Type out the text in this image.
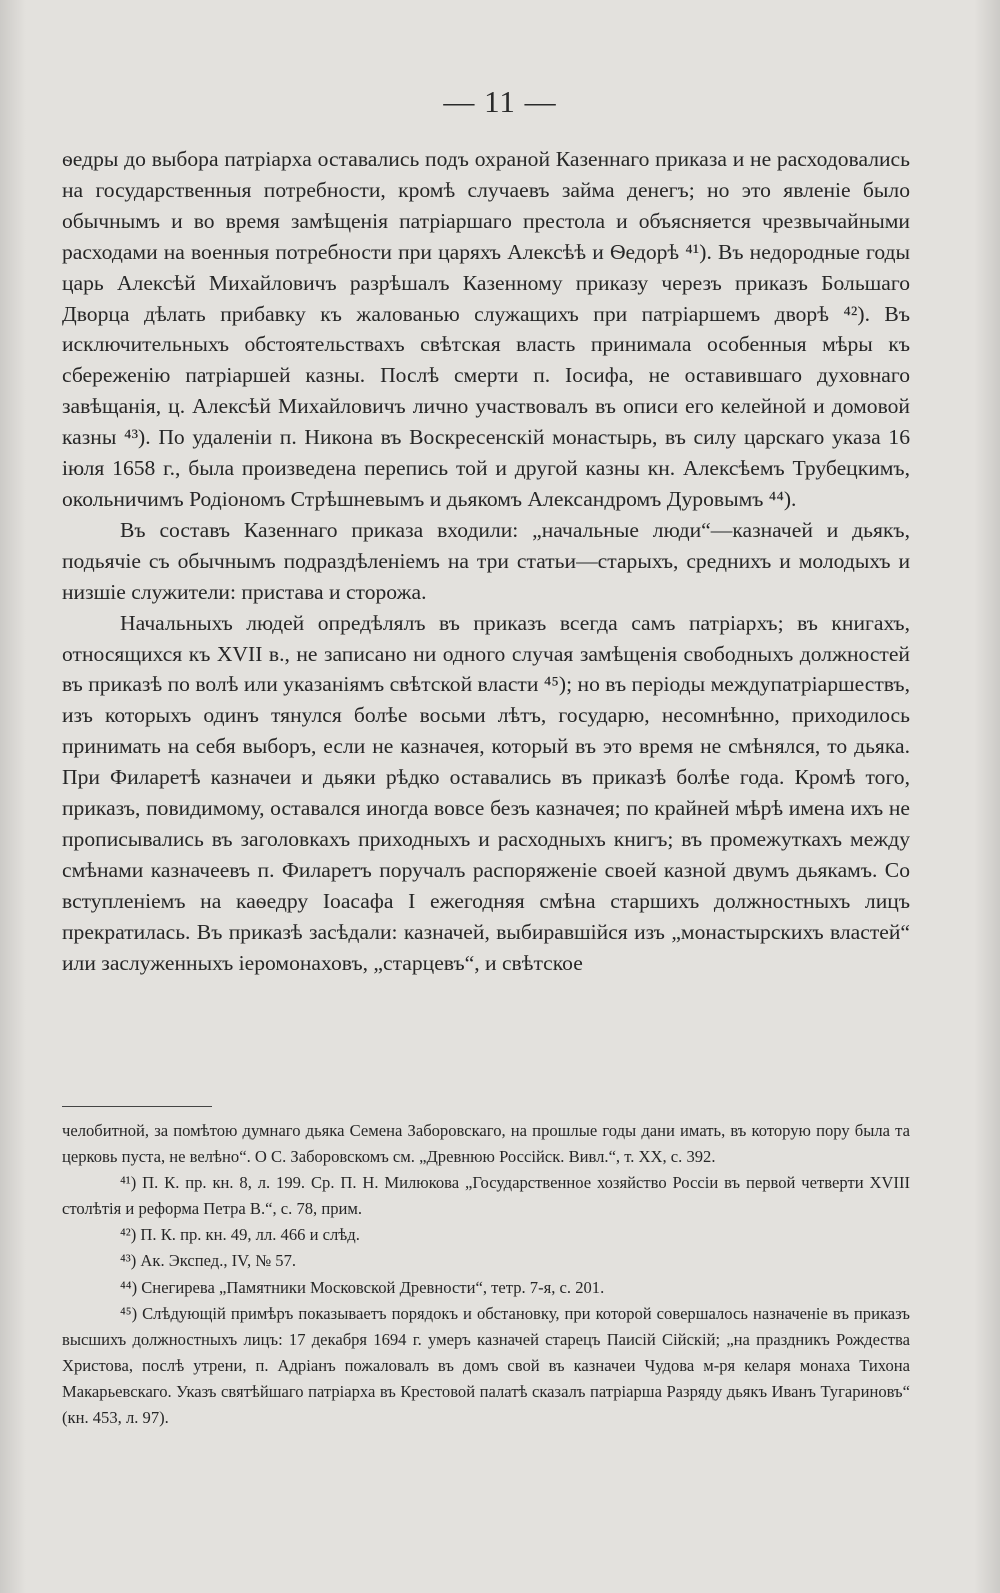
— 11 —

ѳедры до выбора патріарха оставались подъ охраной Казеннаго приказа и не расходовались на государственныя потребности, кромѣ случаевъ займа денегъ; но это явленіе было обычнымъ и во время замѣщенія патріаршаго престола и объясняется чрезвычайными расходами на военныя потребности при царяхъ Алексѣѣ и Ѳедорѣ ⁴¹). Въ недородные годы царь Алексѣй Михайловичъ разрѣшалъ Казенному приказу черезъ приказъ Большаго Дворца дѣлать прибавку къ жалованью служащихъ при патріаршемъ дворѣ ⁴²). Въ исключительныхъ обстоятельствахъ свѣтская власть принимала особенныя мѣры къ сбереженію патріаршей казны. Послѣ смерти п. Іосифа, не оставившаго духовнаго завѣщанія, ц. Алексѣй Михайловичъ лично участвовалъ въ описи его келейной и домовой казны ⁴³). По удаленіи п. Никона въ Воскресенскій монастырь, въ силу царскаго указа 16 іюля 1658 г., была произведена перепись той и другой казны кн. Алексѣемъ Трубецкимъ, окольничимъ Родіономъ Стрѣшневымъ и дьякомъ Александромъ Дуровымъ ⁴⁴).

Въ составъ Казеннаго приказа входили: „начальные люди“—казначей и дьякъ, подьячіе съ обычнымъ подраздѣленіемъ на три статьи—старыхъ, среднихъ и молодыхъ и низшіе служители: пристава и сторожа.

Начальныхъ людей опредѣлялъ въ приказъ всегда самъ патріархъ; въ книгахъ, относящихся къ XVII в., не записано ни одного случая замѣщенія свободныхъ должностей въ приказѣ по волѣ или указаніямъ свѣтской власти ⁴⁵); но въ періоды междупатріаршествъ, изъ которыхъ одинъ тянулся болѣе восьми лѣтъ, государю, несомнѣнно, приходилось принимать на себя выборъ, если не казначея, который въ это время не смѣнялся, то дьяка. При Филаретѣ казначеи и дьяки рѣдко оставались въ приказѣ болѣе года. Кромѣ того, приказъ, повидимому, оставался иногда вовсе безъ казначея; по крайней мѣрѣ имена ихъ не прописывались въ заголовкахъ приходныхъ и расходныхъ книгъ; въ промежуткахъ между смѣнами казначеевъ п. Филаретъ поручалъ распоряженіе своей казной двумъ дьякамъ. Со вступленіемъ на каѳедру Іоасафа I ежегодняя смѣна старшихъ должностныхъ лицъ прекратилась. Въ приказѣ засѣдали: казначей, выбиравшійся изъ „монастырскихъ властей“ или заслуженныхъ іеромонаховъ, „старцевъ“, и свѣтское

челобитной, за помѣтою думнаго дьяка Семена Заборовскаго, на прошлые годы дани имать, въ которую пору была та церковь пуста, не велѣно“. О С. Заборовскомъ см. „Древнюю Россійск. Вивл.“, т. XX, с. 392.

⁴¹) П. К. пр. кн. 8, л. 199. Ср. П. Н. Милюкова „Государственное хозяйство Россіи въ первой четверти XVIII столѣтія и реформа Петра В.“, с. 78, прим.

⁴²) П. К. пр. кн. 49, лл. 466 и слѣд.

⁴³) Ак. Экспед., IV, № 57.

⁴⁴) Снегирева „Памятники Московской Древности“, тетр. 7-я, с. 201.

⁴⁵) Слѣдующій примѣръ показываетъ порядокъ и обстановку, при которой совершалось назначеніе въ приказъ высшихъ должностныхъ лицъ: 17 декабря 1694 г. умеръ казначей старецъ Паисій Сійскій; „на праздникъ Рождества Христова, послѣ утрени, п. Адріанъ пожаловалъ въ домъ свой въ казначеи Чудова м-ря келаря монаха Тихона Макарьевскаго. Указъ святѣйшаго патріарха въ Крестовой палатѣ сказалъ патріарша Разряду дьякъ Иванъ Тугариновъ“ (кн. 453, л. 97).
